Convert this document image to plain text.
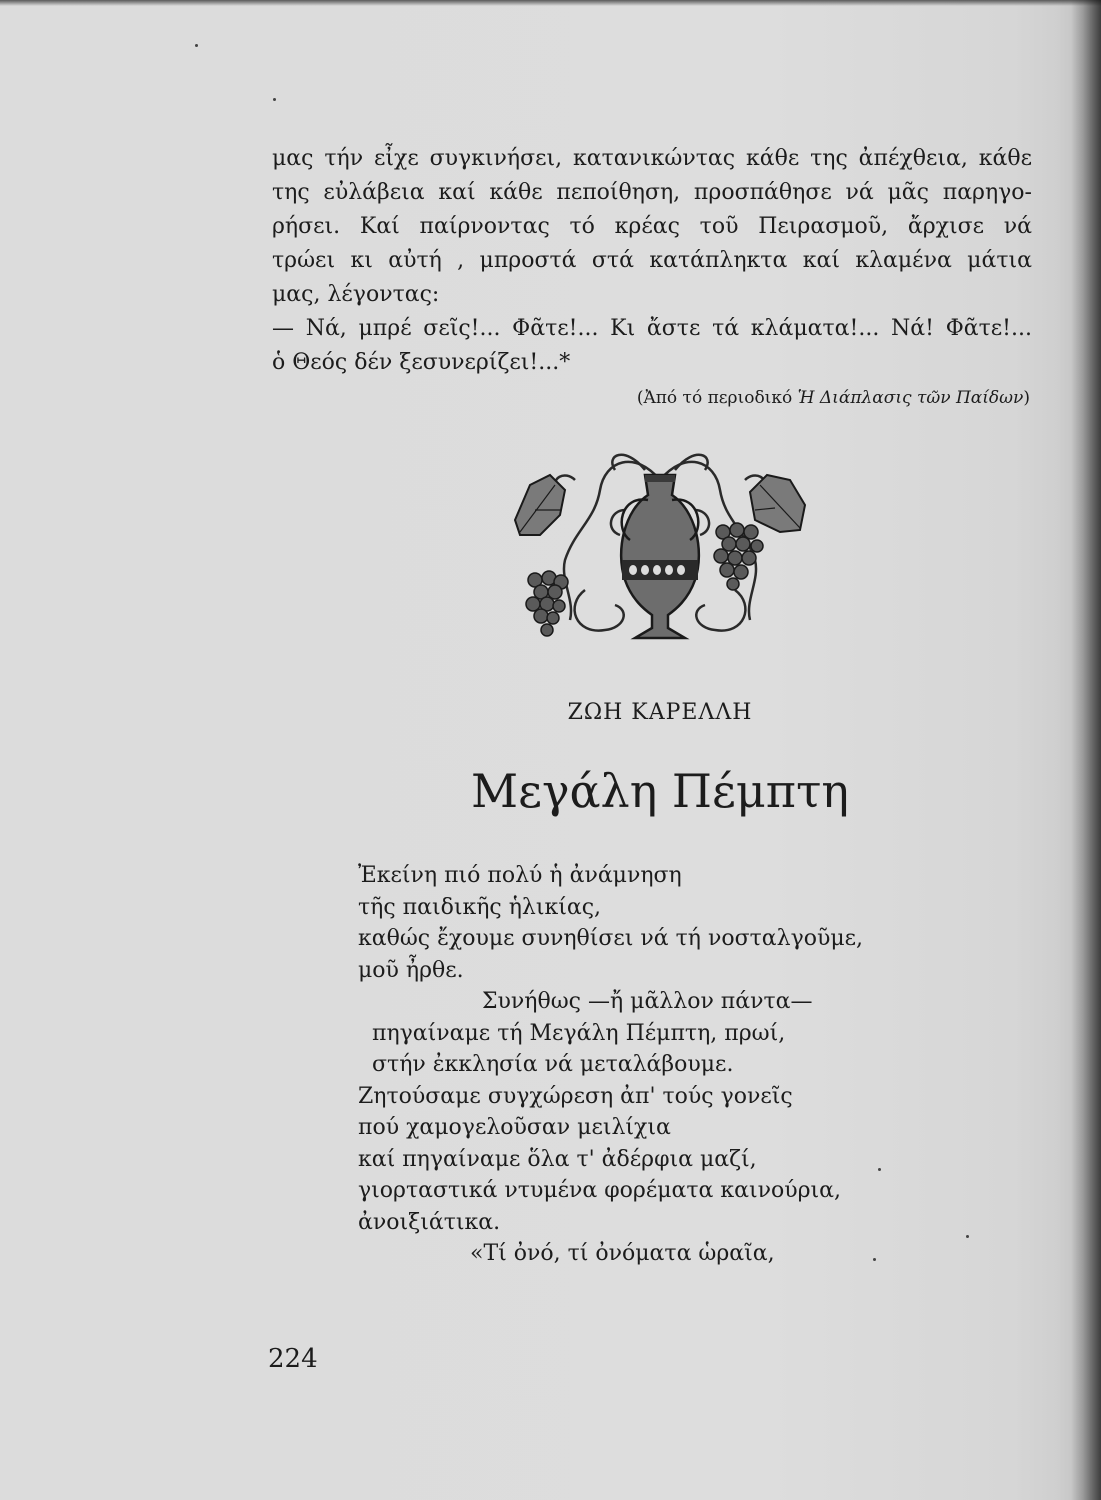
μας τήν εἶχε συγκινήσει, κατανικώντας κάθε της ἀπέχθεια, κάθε
της εὐλάβεια καί κάθε πεποίθηση, προσπάθησε νά μᾶς παρηγο-
ρήσει. Καί παίρνοντας τό κρέας τοῦ Πειρασμοῦ, ἄρχισε νά
τρώει κι αὐτή , μπροστά στά κατάπληκτα καί κλαμένα μάτια
μας, λέγοντας:
— Νά, μπρέ σεῖς!... Φᾶτε!... Κι ἄστε τά κλάματα!... Νά! Φᾶτε!...
ὁ Θεός δέν ξεσυνερίζει!...*
(Ἀπό τό περιοδικό Ἡ Διάπλασις τῶν Παίδων)
ΖΩΗ ΚΑΡΕΛΛΗ
Μεγάλη Πέμπτη
Ἐκείνη πιό πολύ ἡ ἀνάμνηση
τῆς παιδικῆς ἡλικίας,
καθώς ἔχουμε συνηθίσει νά τή νοσταλγοῦμε,
μοῦ ἦρθε.
Συνήθως —ἤ μᾶλλον πάντα—
πηγαίναμε τή Μεγάλη Πέμπτη, πρωί,
στήν ἐκκλησία νά μεταλάβουμε.
Ζητούσαμε συγχώρεση ἀπ' τούς γονεῖς
πού χαμογελοῦσαν μειλίχια
καί πηγαίναμε ὅλα τ' ἀδέρφια μαζί,
γιορταστικά ντυμένα φορέματα καινούρια,
ἀνοιξιάτικα.
«Τί ὀνό, τί ὀνόματα ὡραῖα,
224
